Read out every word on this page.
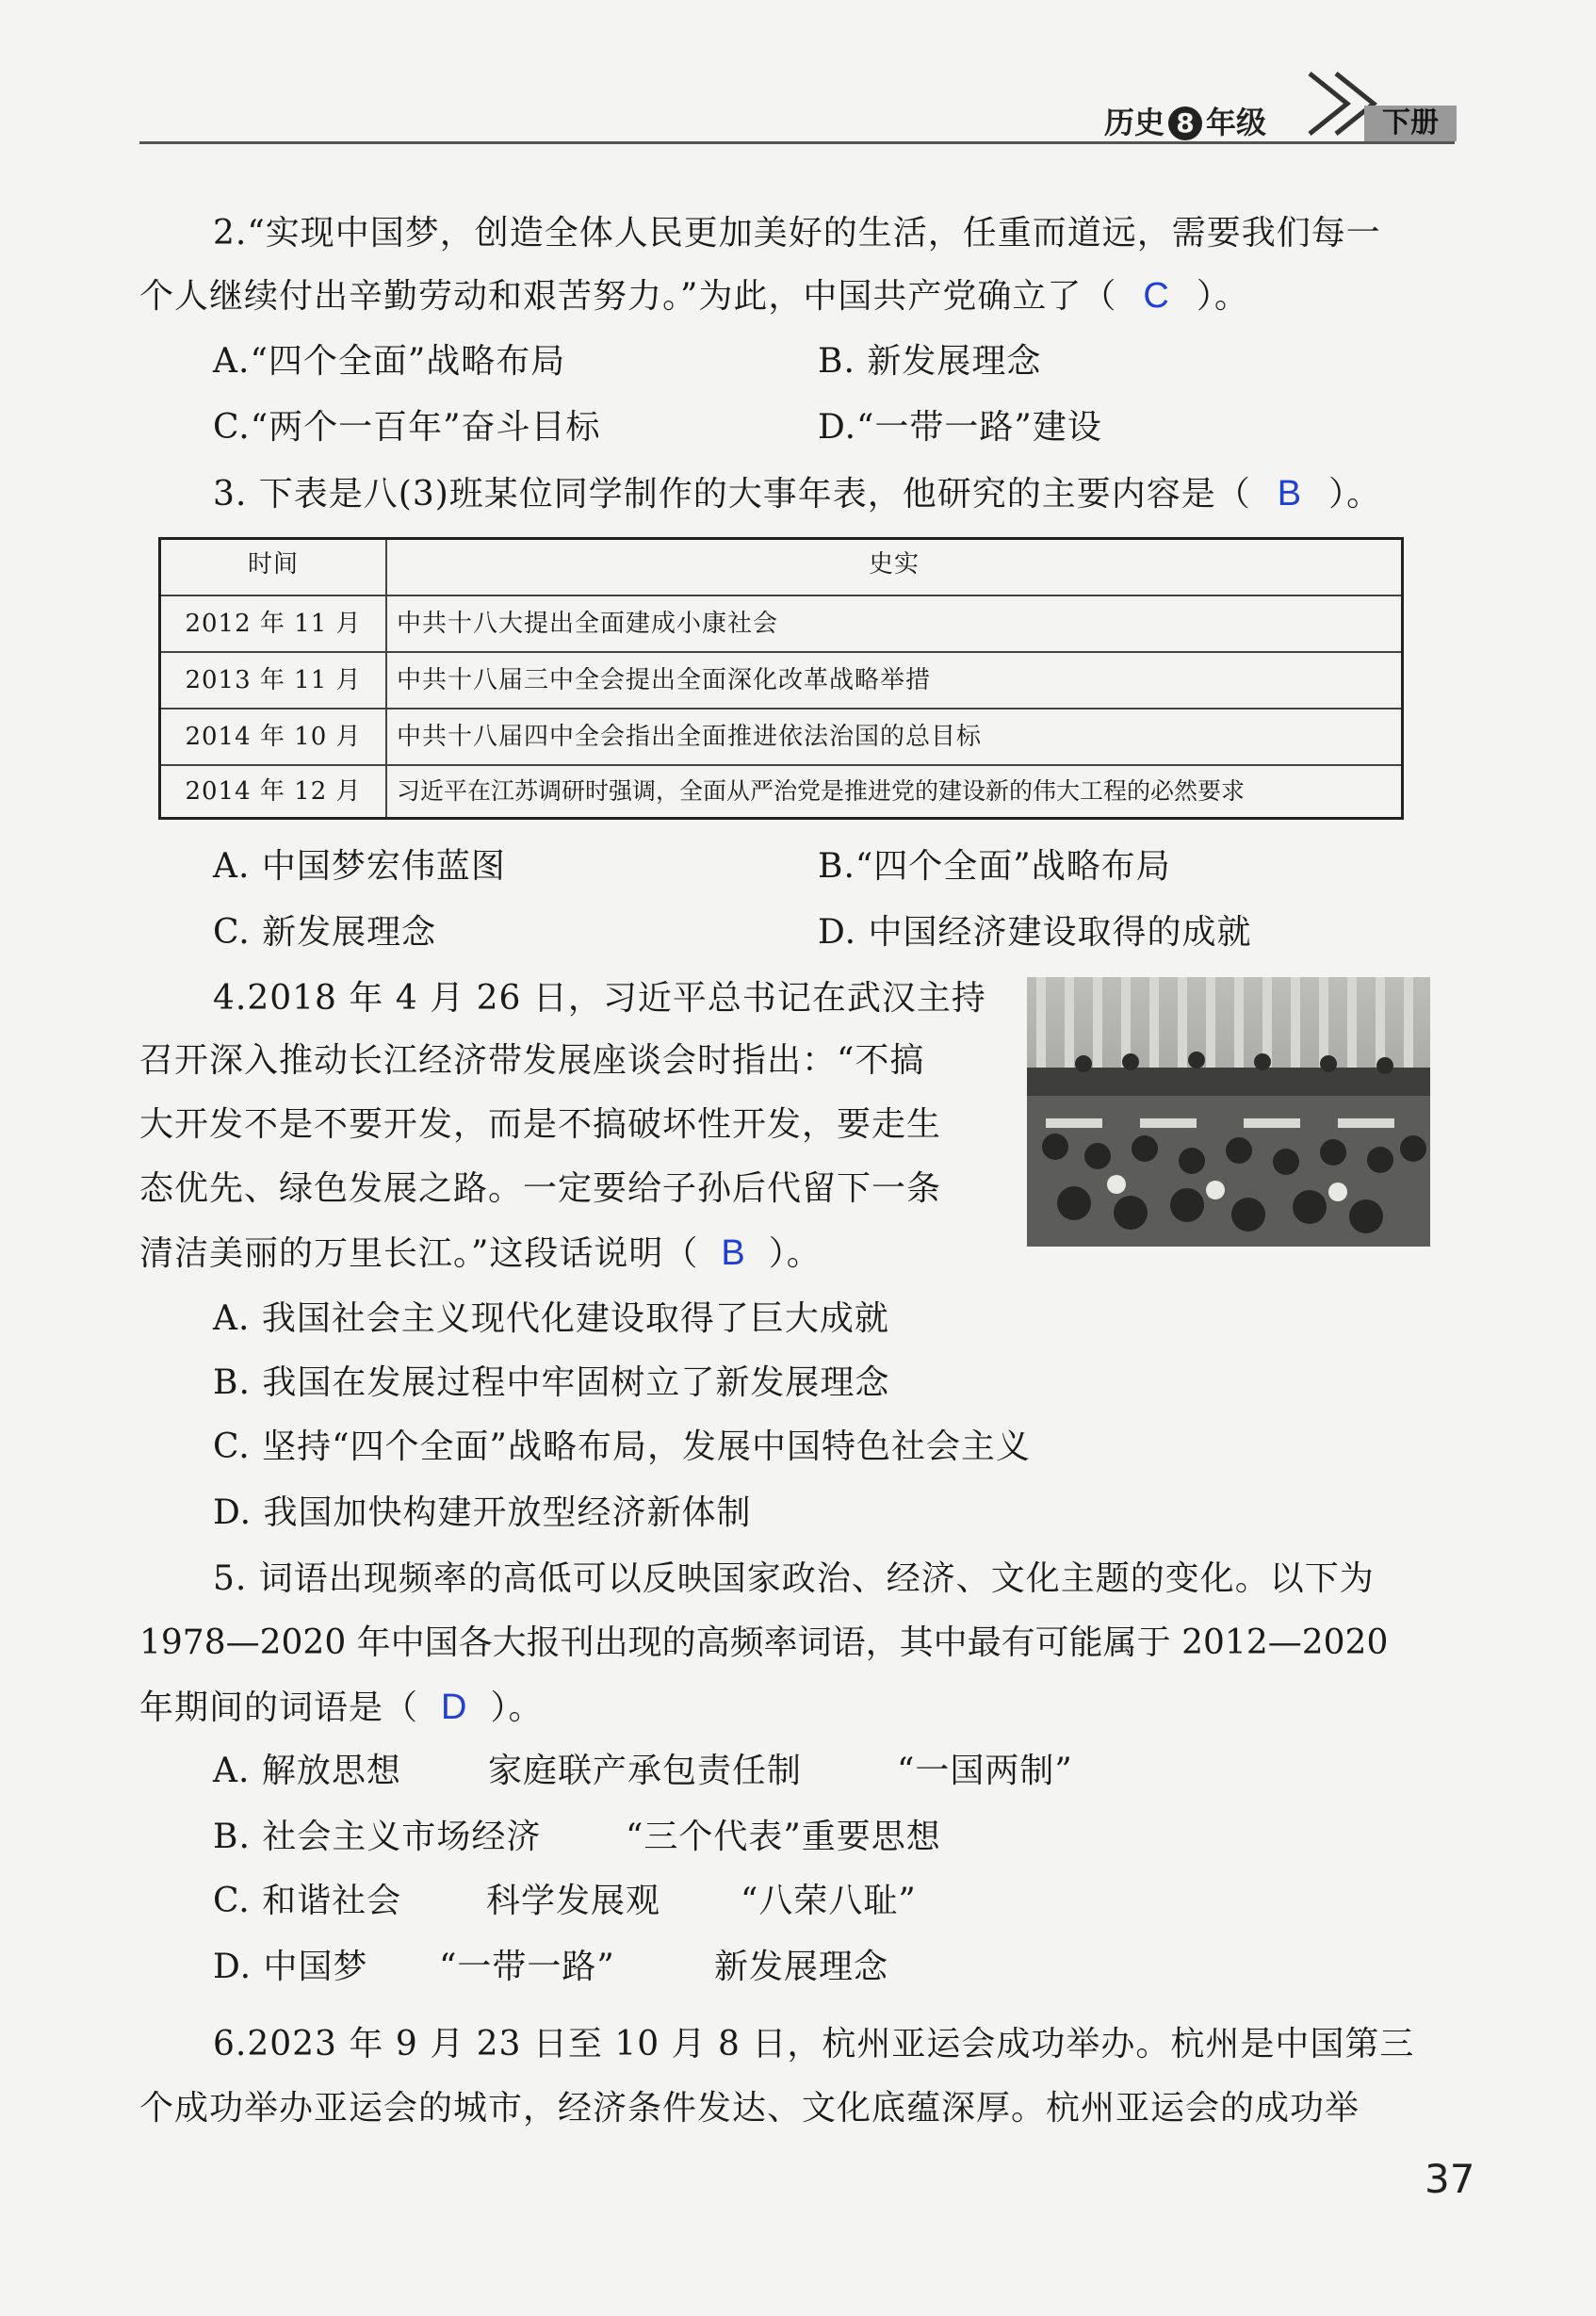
历史 8 年级	下册
2.“实现中国梦，创造全体人民更加美好的生活，任重而道远，需要我们每一
个人继续付出辛勤劳动和艰苦努力。”为此，中国共产党确立了（ C ）。
A.“四个全面”战略布局	B. 新发展理念
C.“两个一百年”奋斗目标	D.“一带一路”建设
3. 下表是八(3)班某位同学制作的大事年表，他研究的主要内容是（ B ）。
时间	史实
2012 年 11 月	中共十八大提出全面建成小康社会
2013 年 11 月	中共十八届三中全会提出全面深化改革战略举措
2014 年 10 月	中共十八届四中全会指出全面推进依法治国的总目标
2014 年 12 月	习近平在江苏调研时强调，全面从严治党是推进党的建设新的伟大工程的必然要求
A. 中国梦宏伟蓝图	B.“四个全面”战略布局
C. 新发展理念	D. 中国经济建设取得的成就
4.2018 年 4 月 26 日，习近平总书记在武汉主持
召开深入推动长江经济带发展座谈会时指出：“不搞
大开发不是不要开发，而是不搞破坏性开发，要走生
态优先、绿色发展之路。一定要给子孙后代留下一条
清洁美丽的万里长江。”这段话说明（ B ）。
A. 我国社会主义现代化建设取得了巨大成就
B. 我国在发展过程中牢固树立了新发展理念
C. 坚持“四个全面”战略布局，发展中国特色社会主义
D. 我国加快构建开放型经济新体制
5. 词语出现频率的高低可以反映国家政治、经济、文化主题的变化。以下为
1978—2020 年中国各大报刊出现的高频率词语，其中最有可能属于 2012—2020
年期间的词语是（ D ）。
A. 解放思想	家庭联产承包责任制	“一国两制”
B. 社会主义市场经济 “三个代表”重要思想
C. 和谐社会 科学发展观 “八荣八耻”
D. 中国梦 “一带一路”	新发展理念
6.2023 年 9 月 23 日至 10 月 8 日，杭州亚运会成功举办。杭州是中国第三
个成功举办亚运会的城市，经济条件发达、文化底蕴深厚。杭州亚运会的成功举
37
